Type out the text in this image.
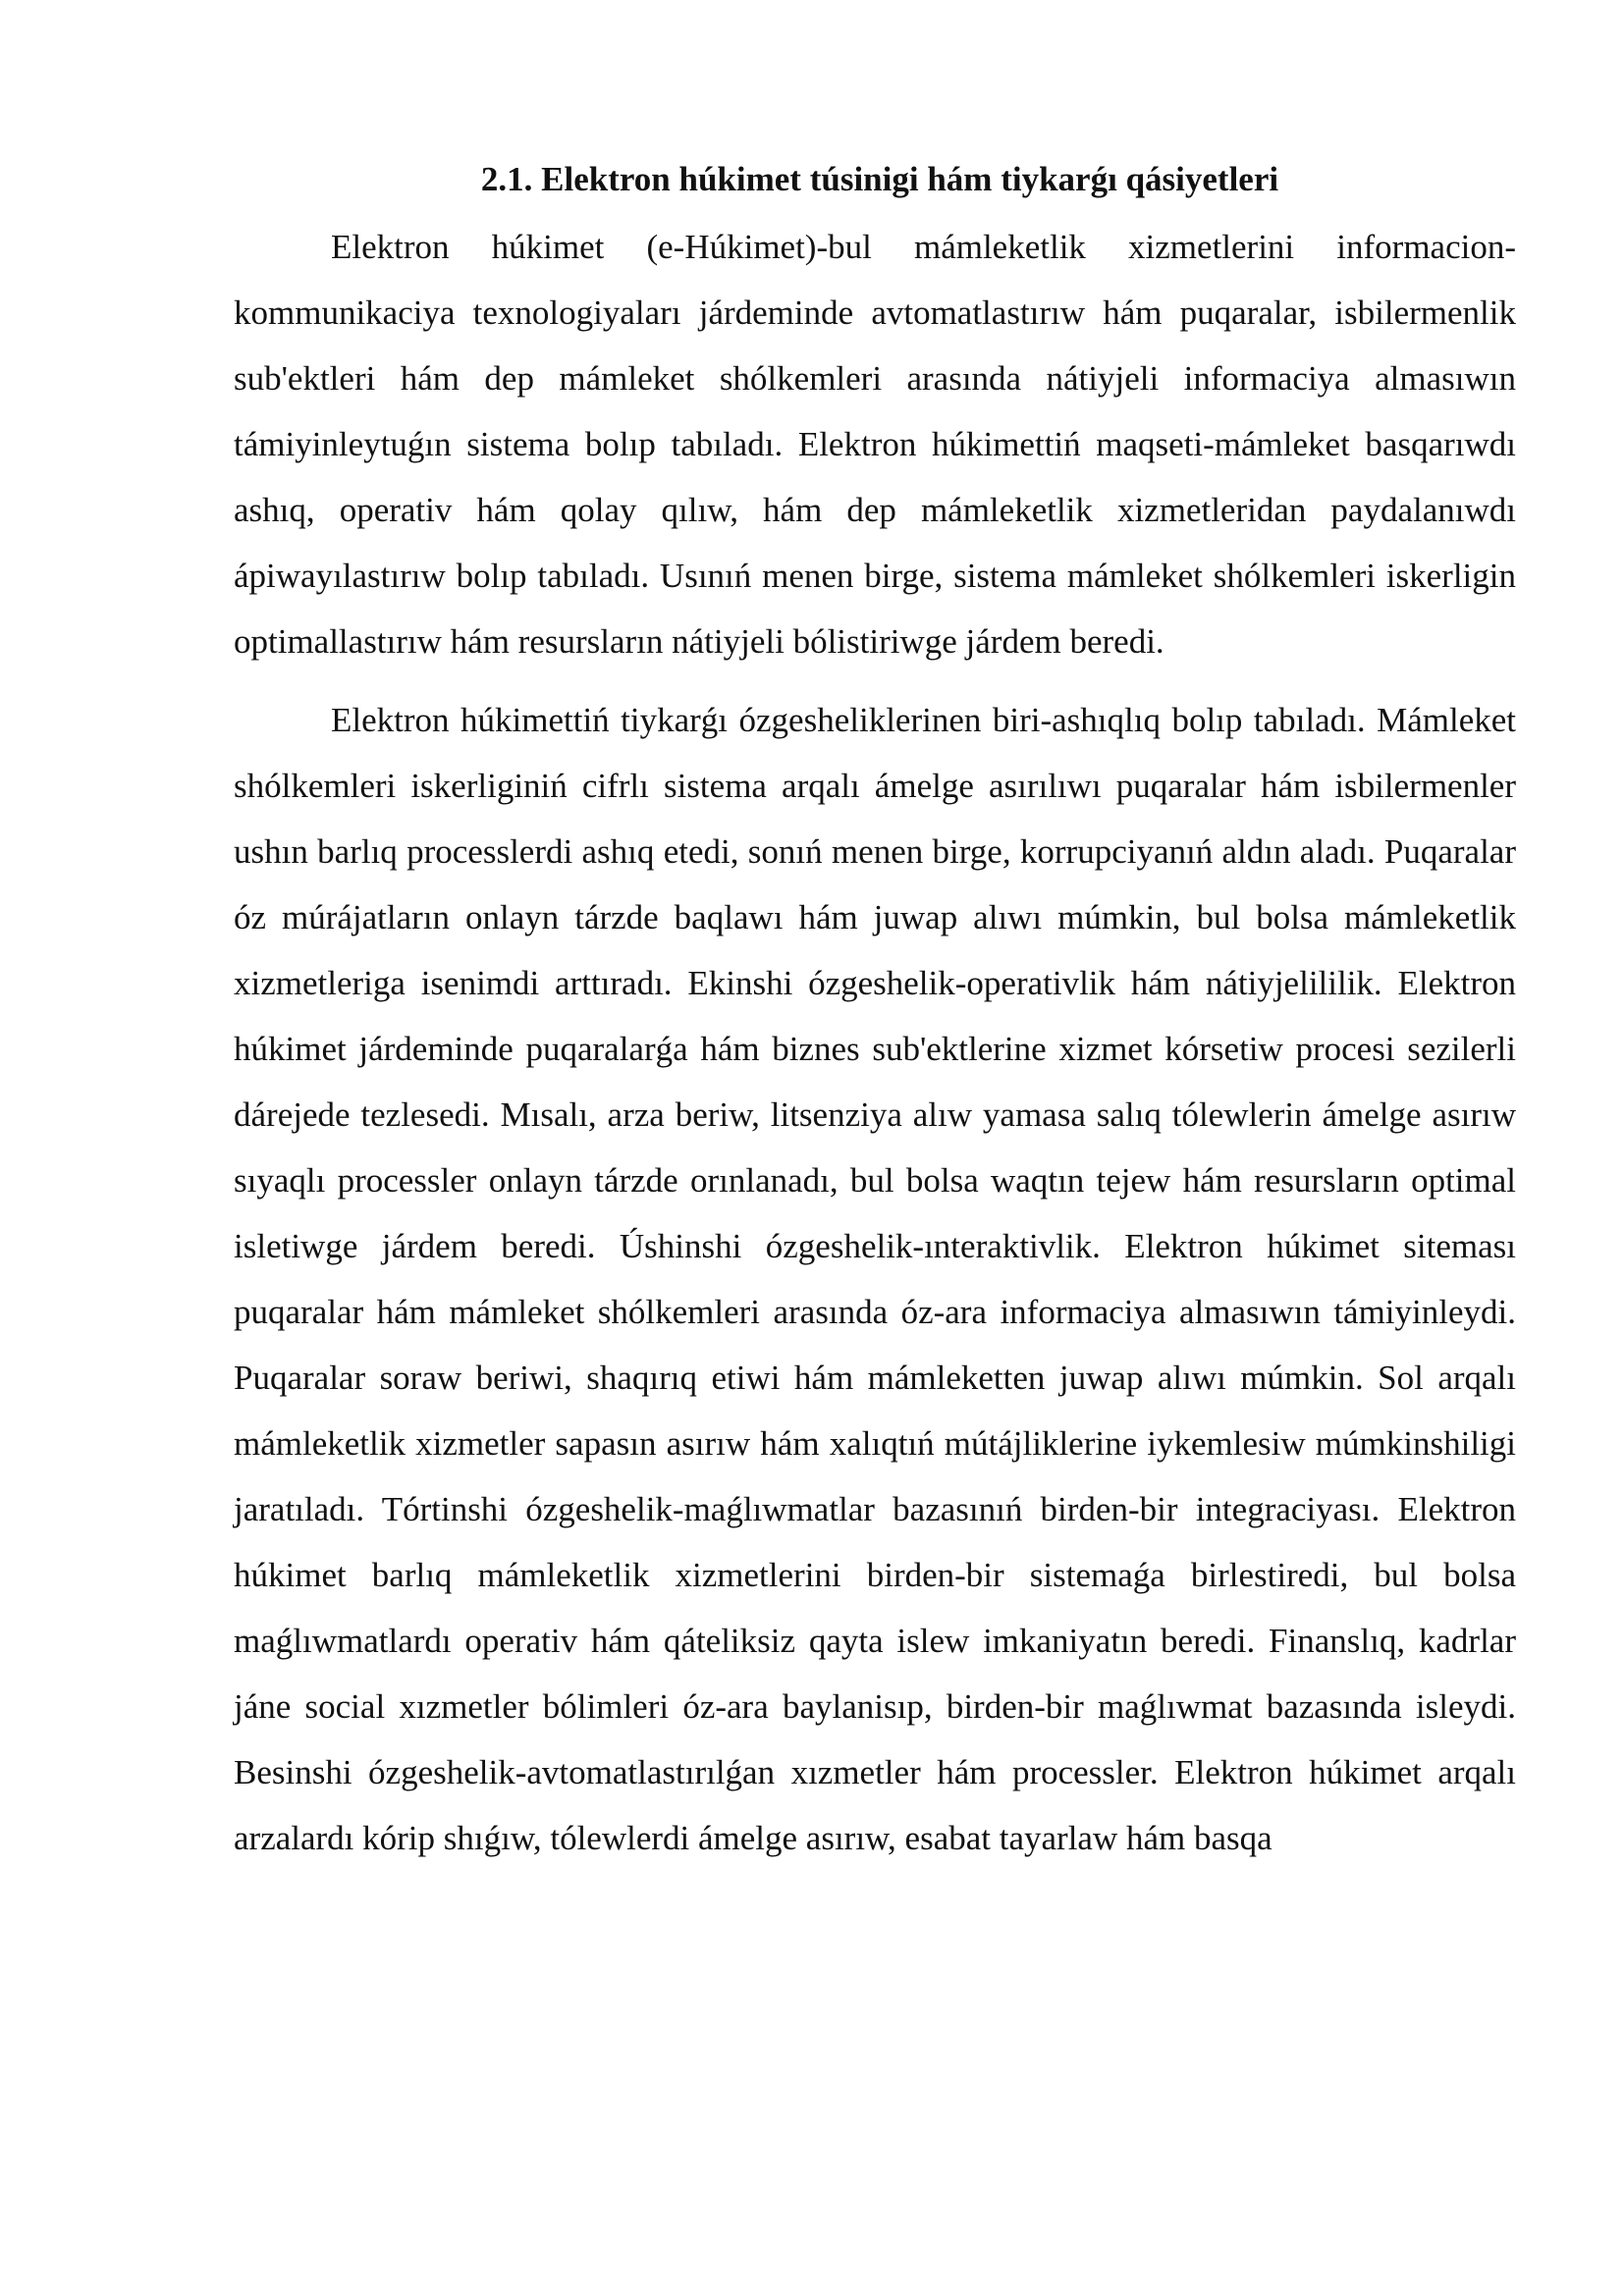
2.1. Elektron húkimet túsinigi hám tiykarǵı qásiyetleri

Elektron húkimet (e-Húkimet)-bul mámleketlik xizmetlerini informacion-kommunikaciya texnologiyaları járdeminde avtomatlastırıw hám puqaralar, isbilermenlik sub'ektleri hám dep mámleket shólkemleri arasında nátiyjeli informaciya almasıwın támiyinleytuǵın sistema bolıp tabıladı. Elektron húkimettiń maqseti-mámleket basqarıwdı ashıq, operativ hám qolay qılıw, hám dep mámleketlik xizmetleridan paydalanıwdı ápiwayılastırıw bolıp tabıladı. Usınıń menen birge, sistema mámleket shólkemleri iskerligin optimallastırıw hám resursların nátiyjeli bólistiriwge járdem beredi.

Elektron húkimettiń tiykarǵı ózgesheliklerinen biri-ashıqlıq bolıp tabıladı. Mámleket shólkemleri iskerliginiń cifrlı sistema arqalı ámelge asırılıwı puqaralar hám isbilermenler ushın barlıq processlerdi ashıq etedi, sonıń menen birge, korrupciyanıń aldın aladı. Puqaralar óz múrájatların onlayn tárzde baqlawı hám juwap alıwı múmkin, bul bolsa mámleketlik xizmetleriga isenimdi arttıradı. Ekinshi ózgeshelik-operativlik hám nátiyjelililik. Elektron húkimet járdeminde puqaralarǵa hám biznes sub'ektlerine xizmet kórsetiw procesi sezilerli dárejede tezlesedi. Mısalı, arza beriw, litsenziya alıw yamasa salıq tólewlerin ámelge asırıw sıyaqlı processler onlayn tárzde orınlanadı, bul bolsa waqtın tejew hám resursların optimal isletiwge járdem beredi. Úshinshi ózgeshelik-ınteraktivlik. Elektron húkimet siteması puqaralar hám mámleket shólkemleri arasında óz-ara informaciya almasıwın támiyinleydi. Puqaralar soraw beriwi, shaqırıq etiwi hám mámleketten juwap alıwı múmkin. Sol arqalı mámleketlik xizmetler sapasın asırıw hám xalıqtıń mútájliklerine iykemlesiw múmkinshiligi jaratıladı. Tórtinshi ózgeshelik-maǵlıwmatlar bazasınıń birden-bir integraciyası. Elektron húkimet barlıq mámleketlik xizmetlerini birden-bir sistemaǵa birlestiredi, bul bolsa maǵlıwmatlardı operativ hám qáteliksiz qayta islew imkaniyatın beredi. Finanslıq, kadrlar jáne social xızmetler bólimleri óz-ara baylanisıp, birden-bir maǵlıwmat bazasında isleydi. Besinshi ózgeshelik-avtomatlastırılǵan xızmetler hám processler. Elektron húkimet arqalı arzalardı kórip shıǵıw, tólewlerdi ámelge asırıw, esabat tayarlaw hám basqa
